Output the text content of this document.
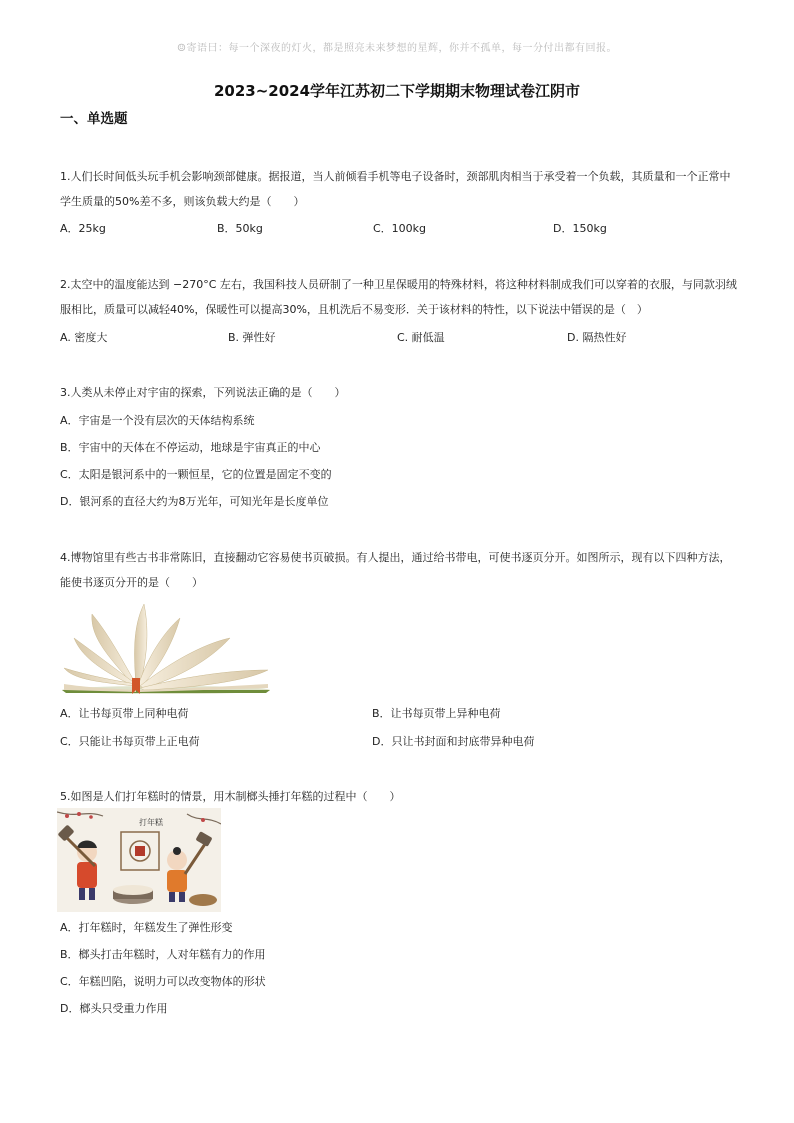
☺寄语曰：每一个深夜的灯火，都是照亮未来梦想的星辉，你并不孤单，每一分付出都有回报。
2023~2024学年江苏初二下学期期末物理试卷江阴市
一、单选题
1.人们长时间低头玩手机会影响颈部健康。据报道，当人前倾看手机等电子设备时，颈部肌肉相当于承受着一个负载，其质量和一个正常中
学生质量的50%差不多，则该负载大约是（　　）
A．25kg	B．50kg	C．100kg	D．150kg
2.太空中的温度能达到 −270°C 左右，我国科技人员研制了一种卫星保暖用的特殊材料，将这种材料制成我们可以穿着的衣服，与同款羽绒
服相比，质量可以减轻40%，保暖性可以提高30%，且机洗后不易变形．关于该材料的特性，以下说法中· · 错误的是（　）
A. 密度大	B. 弹性好	C. 耐低温	D. 隔热性好
3.人类从未停止对宇宙的探索，下列说法正确的是（　　）
A．宇宙是一个没有层次的天体结构系统
B．宇宙中的天体在不停运动，地球是宇宙真正的中心
C．太阳是银河系中的一颗恒星，它的位置是固定不变的
D．银河系的直径大约为8万光年，可知光年是长度单位
4.博物馆里有些古书非常陈旧，直接翻动它容易使书页破损。有人提出，通过给书带电，可使书逐页分开。如图所示，现有以下四种方法，
能使书逐页分开的是（　　）
A．让书每页带上同种电荷	B．让书每页带上异种电荷
C．只能让书每页带上正电荷	D．只让书封面和封底带异种电荷
5.如图是人们打年糕时的情景，用木制榔头捶打年糕的过程中（　　）
打年糕
A．打年糕时，年糕发生了弹性形变
B．榔头打击年糕时，人对年糕有力的作用
C．年糕凹陷，说明力可以改变物体的形状
D．榔头只受重力作用
